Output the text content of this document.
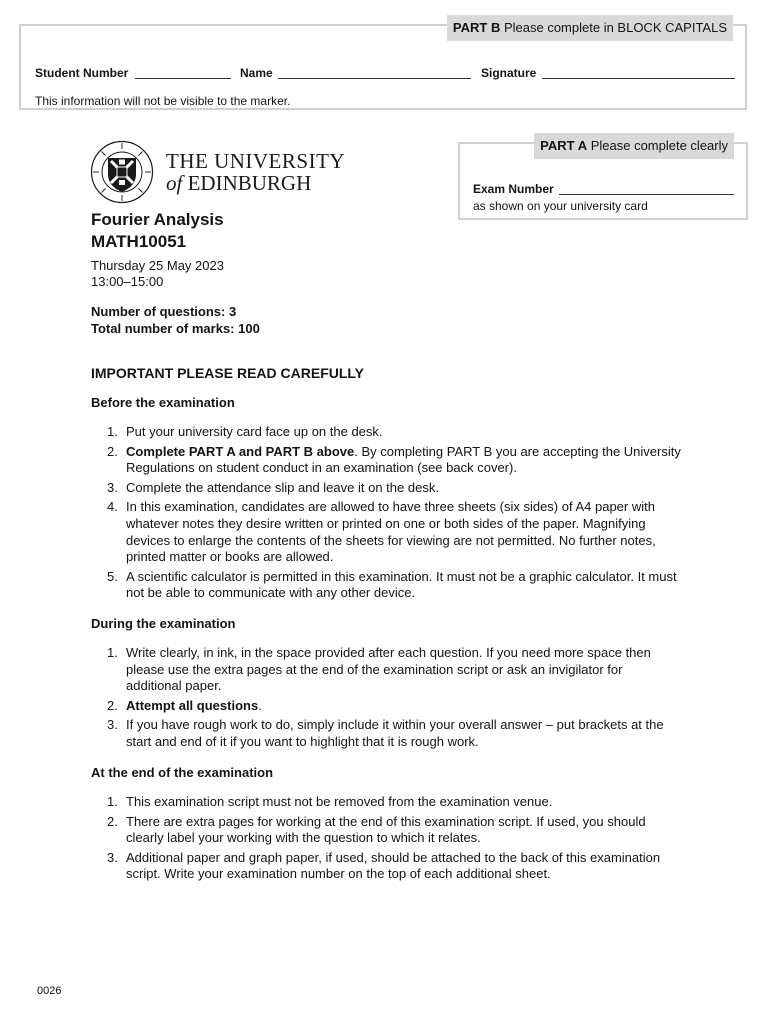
PART B Please complete in BLOCK CAPITALS
Student Number	Name	Signature
This information will not be visible to the marker.
PART A Please complete clearly
Exam Number
as shown on your university card
THE UNIVERSITY
of EDINBURGH
Fourier Analysis
MATH10051
Thursday 25 May 2023
13:00–15:00
Number of questions: 3
Total number of marks: 100
IMPORTANT PLEASE READ CAREFULLY
Before the examination
1. Put your university card face up on the desk.
2. Complete PART A and PART B above. By completing PART B you are accepting the University Regulations on student conduct in an examination (see back cover).
3. Complete the attendance slip and leave it on the desk.
4. In this examination, candidates are allowed to have three sheets (six sides) of A4 paper with whatever notes they desire written or printed on one or both sides of the paper. Magnifying devices to enlarge the contents of the sheets for viewing are not permitted. No further notes, printed matter or books are allowed.
5. A scientific calculator is permitted in this examination. It must not be a graphic calculator. It must not be able to communicate with any other device.
During the examination
1. Write clearly, in ink, in the space provided after each question. If you need more space then please use the extra pages at the end of the examination script or ask an invigilator for additional paper.
2. Attempt all questions.
3. If you have rough work to do, simply include it within your overall answer – put brackets at the start and end of it if you want to highlight that it is rough work.
At the end of the examination
1. This examination script must not be removed from the examination venue.
2. There are extra pages for working at the end of this examination script. If used, you should clearly label your working with the question to which it relates.
3. Additional paper and graph paper, if used, should be attached to the back of this examination script. Write your examination number on the top of each additional sheet.
0026
